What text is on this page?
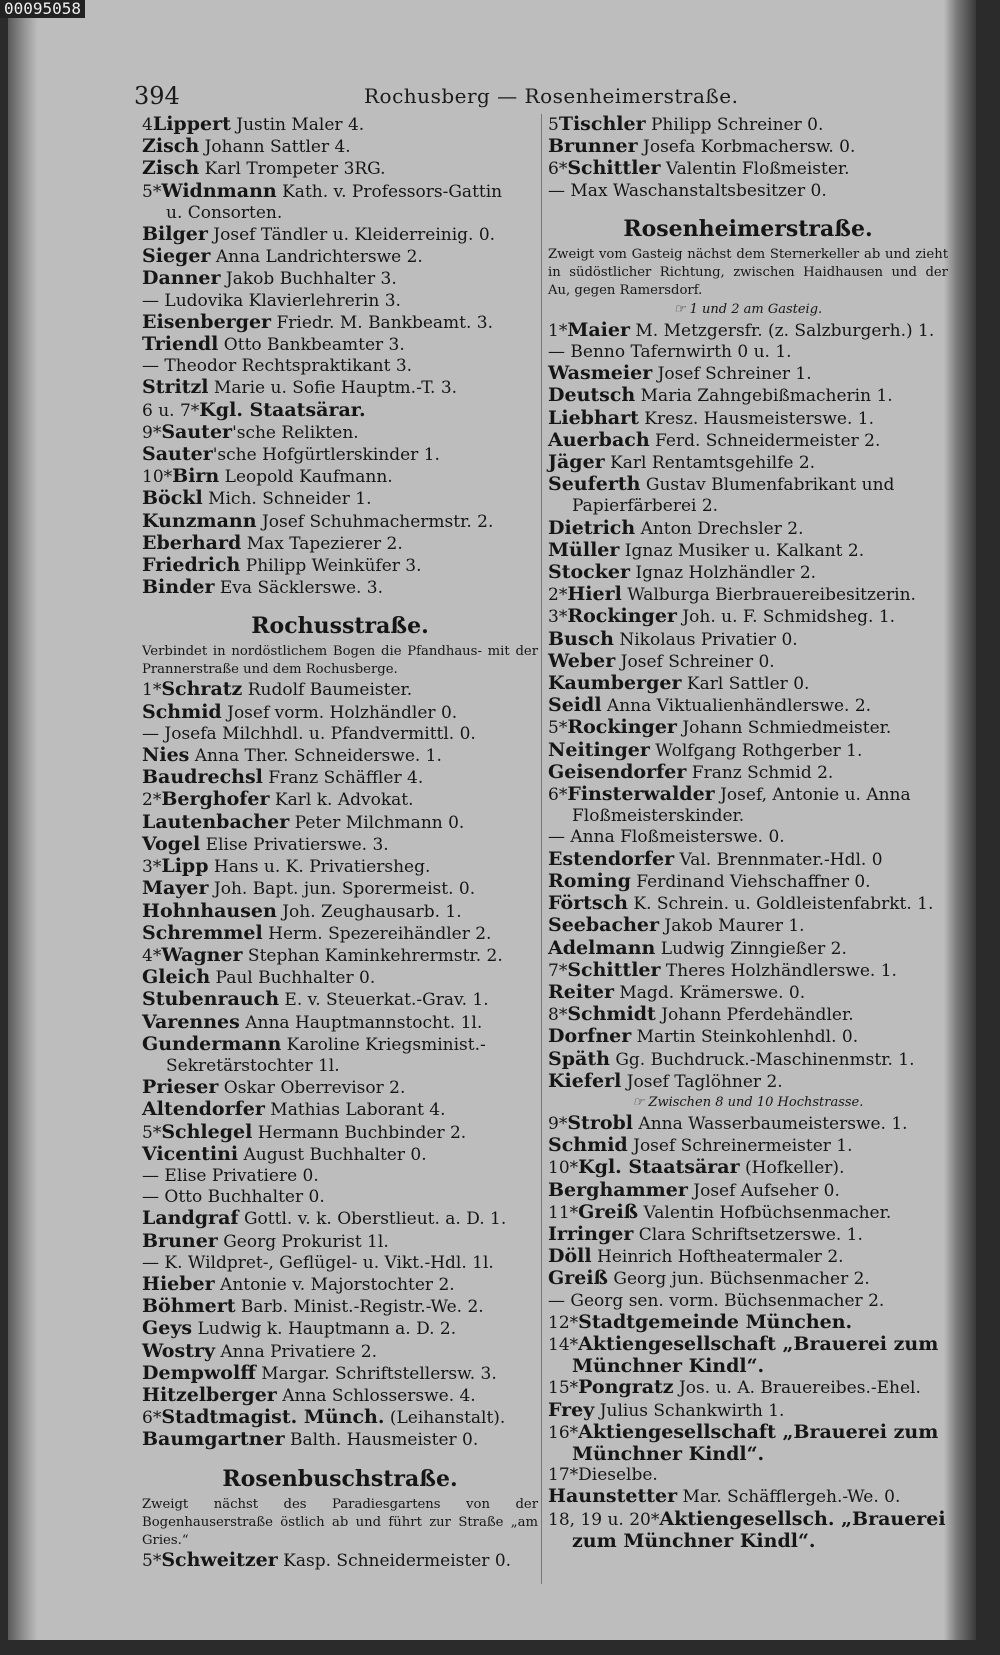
394	Rochusberg — Rosenheimerstraße.
4Lippert Justin Maler 4.
Zisch Johann Sattler 4.
Zisch Karl Trompeter 3RG.
5*Widnmann Kath. v. Professors-Gattin
u. Consorten.
Bilger Josef Tändler u. Kleiderreinig. 0.
Sieger Anna Landrichterswe 2.
Danner Jakob Buchhalter 3.
— Ludovika Klavierlehrerin 3.
Eisenberger Friedr. M. Bankbeamt. 3.
Triendl Otto Bankbeamter 3.
— Theodor Rechtspraktikant 3.
Stritzl Marie u. Sofie Hauptm.-T. 3.
6 u. 7*Kgl. Staatsärar.
9*Sauter'sche Relikten.
Sauter'sche Hofgürtlerskinder 1.
10*Birn Leopold Kaufmann.
Böckl Mich. Schneider 1.
Kunzmann Josef Schuhmachermstr. 2.
Eberhard Max Tapezierer 2.
Friedrich Philipp Weinküfer 3.
Binder Eva Säcklerswe. 3.
Rochusstraße.
Verbindet in nordöstlichem Bogen die Pfandhaus- mit der Prannerstraße und dem Rochusberge.
1*Schratz Rudolf Baumeister.
Schmid Josef vorm. Holzhändler 0.
— Josefa Milchhdl. u. Pfandvermittl. 0.
Nies Anna Ther. Schneiderswe. 1.
Baudrechsl Franz Schäffler 4.
2*Berghofer Karl k. Advokat.
Lautenbacher Peter Milchmann 0.
Vogel Elise Privatierswe. 3.
3*Lipp Hans u. K. Privatiersheg.
Mayer Joh. Bapt. jun. Sporermeist. 0.
Hohnhausen Joh. Zeughausarb. 1.
Schremmel Herm. Spezereihändler 2.
4*Wagner Stephan Kaminkehrermstr. 2.
Gleich Paul Buchhalter 0.
Stubenrauch E. v. Steuerkat.-Grav. 1.
Varennes Anna Hauptmannstocht. 1l.
Gundermann Karoline Kriegsminist.-
Sekretärstochter 1l.
Prieser Oskar Oberrevisor 2.
Altendorfer Mathias Laborant 4.
5*Schlegel Hermann Buchbinder 2.
Vicentini August Buchhalter 0.
— Elise Privatiere 0.
— Otto Buchhalter 0.
Landgraf Gottl. v. k. Oberstlieut. a. D. 1.
Bruner Georg Prokurist 1l.
— K. Wildpret-, Geflügel- u. Vikt.-Hdl. 1l.
Hieber Antonie v. Majorstochter 2.
Böhmert Barb. Minist.-Registr.-We. 2.
Geys Ludwig k. Hauptmann a. D. 2.
Wostry Anna Privatiere 2.
Dempwolff Margar. Schriftstellersw. 3.
Hitzelberger Anna Schlosserswe. 4.
6*Stadtmagist. Münch. (Leihanstalt).
Baumgartner Balth. Hausmeister 0.
Rosenbuschstraße.
Zweigt nächst des Paradiesgartens von der Bogenhauserstraße östlich ab und führt zur Straße „am Gries.“
5*Schweitzer Kasp. Schneidermeister 0.
5Tischler Philipp Schreiner 0.
Brunner Josefa Korbmachersw. 0.
6*Schittler Valentin Floßmeister.
— Max Waschanstaltsbesitzer 0.
Rosenheimerstraße.
Zweigt vom Gasteig nächst dem Sternerkeller ab und zieht in südöstlicher Richtung, zwischen Haidhausen und der Au, gegen Ramersdorf.
☞ 1 und 2 am Gasteig.
1*Maier M. Metzgersfr. (z. Salzburgerh.) 1.
— Benno Tafernwirth 0 u. 1.
Wasmeier Josef Schreiner 1.
Deutsch Maria Zahngebißmacherin 1.
Liebhart Kresz. Hausmeisterswe. 1.
Auerbach Ferd. Schneidermeister 2.
Jäger Karl Rentamtsgehilfe 2.
Seuferth Gustav Blumenfabrikant und
Papierfärberei 2.
Dietrich Anton Drechsler 2.
Müller Ignaz Musiker u. Kalkant 2.
Stocker Ignaz Holzhändler 2.
2*Hierl Walburga Bierbrauereibesitzerin.
3*Rockinger Joh. u. F. Schmidsheg. 1.
Busch Nikolaus Privatier 0.
Weber Josef Schreiner 0.
Kaumberger Karl Sattler 0.
Seidl Anna Viktualienhändlerswe. 2.
5*Rockinger Johann Schmiedmeister.
Neitinger Wolfgang Rothgerber 1.
Geisendorfer Franz Schmid 2.
6*Finsterwalder Josef, Antonie u. Anna
Floßmeisterskinder.
— Anna Floßmeisterswe. 0.
Estendorfer Val. Brennmater.-Hdl. 0
Roming Ferdinand Viehschaffner 0.
Förtsch K. Schrein. u. Goldleistenfabrkt. 1.
Seebacher Jakob Maurer 1.
Adelmann Ludwig Zinngießer 2.
7*Schittler Theres Holzhändlerswe. 1.
Reiter Magd. Krämerswe. 0.
8*Schmidt Johann Pferdehändler.
Dorfner Martin Steinkohlenhdl. 0.
Späth Gg. Buchdruck.-Maschinenmstr. 1.
Kieferl Josef Taglöhner 2.
☞ Zwischen 8 und 10 Hochstrasse.
9*Strobl Anna Wasserbaumeisterswe. 1.
Schmid Josef Schreinermeister 1.
10*Kgl. Staatsärar (Hofkeller).
Berghammer Josef Aufseher 0.
11*Greiß Valentin Hofbüchsenmacher.
Irringer Clara Schriftsetzerswe. 1.
Döll Heinrich Hoftheatermaler 2.
Greiß Georg jun. Büchsenmacher 2.
— Georg sen. vorm. Büchsenmacher 2.
12*Stadtgemeinde München.
14*Aktiengesellschaft „Brauerei zum
Münchner Kindl“.
15*Pongratz Jos. u. A. Brauereibes.-Ehel.
Frey Julius Schankwirth 1.
16*Aktiengesellschaft „Brauerei zum
Münchner Kindl“.
17*Dieselbe.
Haunstetter Mar. Schäfflergeh.-We. 0.
18, 19 u. 20*Aktiengesellsch. „Brauerei
zum Münchner Kindl“.
00095058
